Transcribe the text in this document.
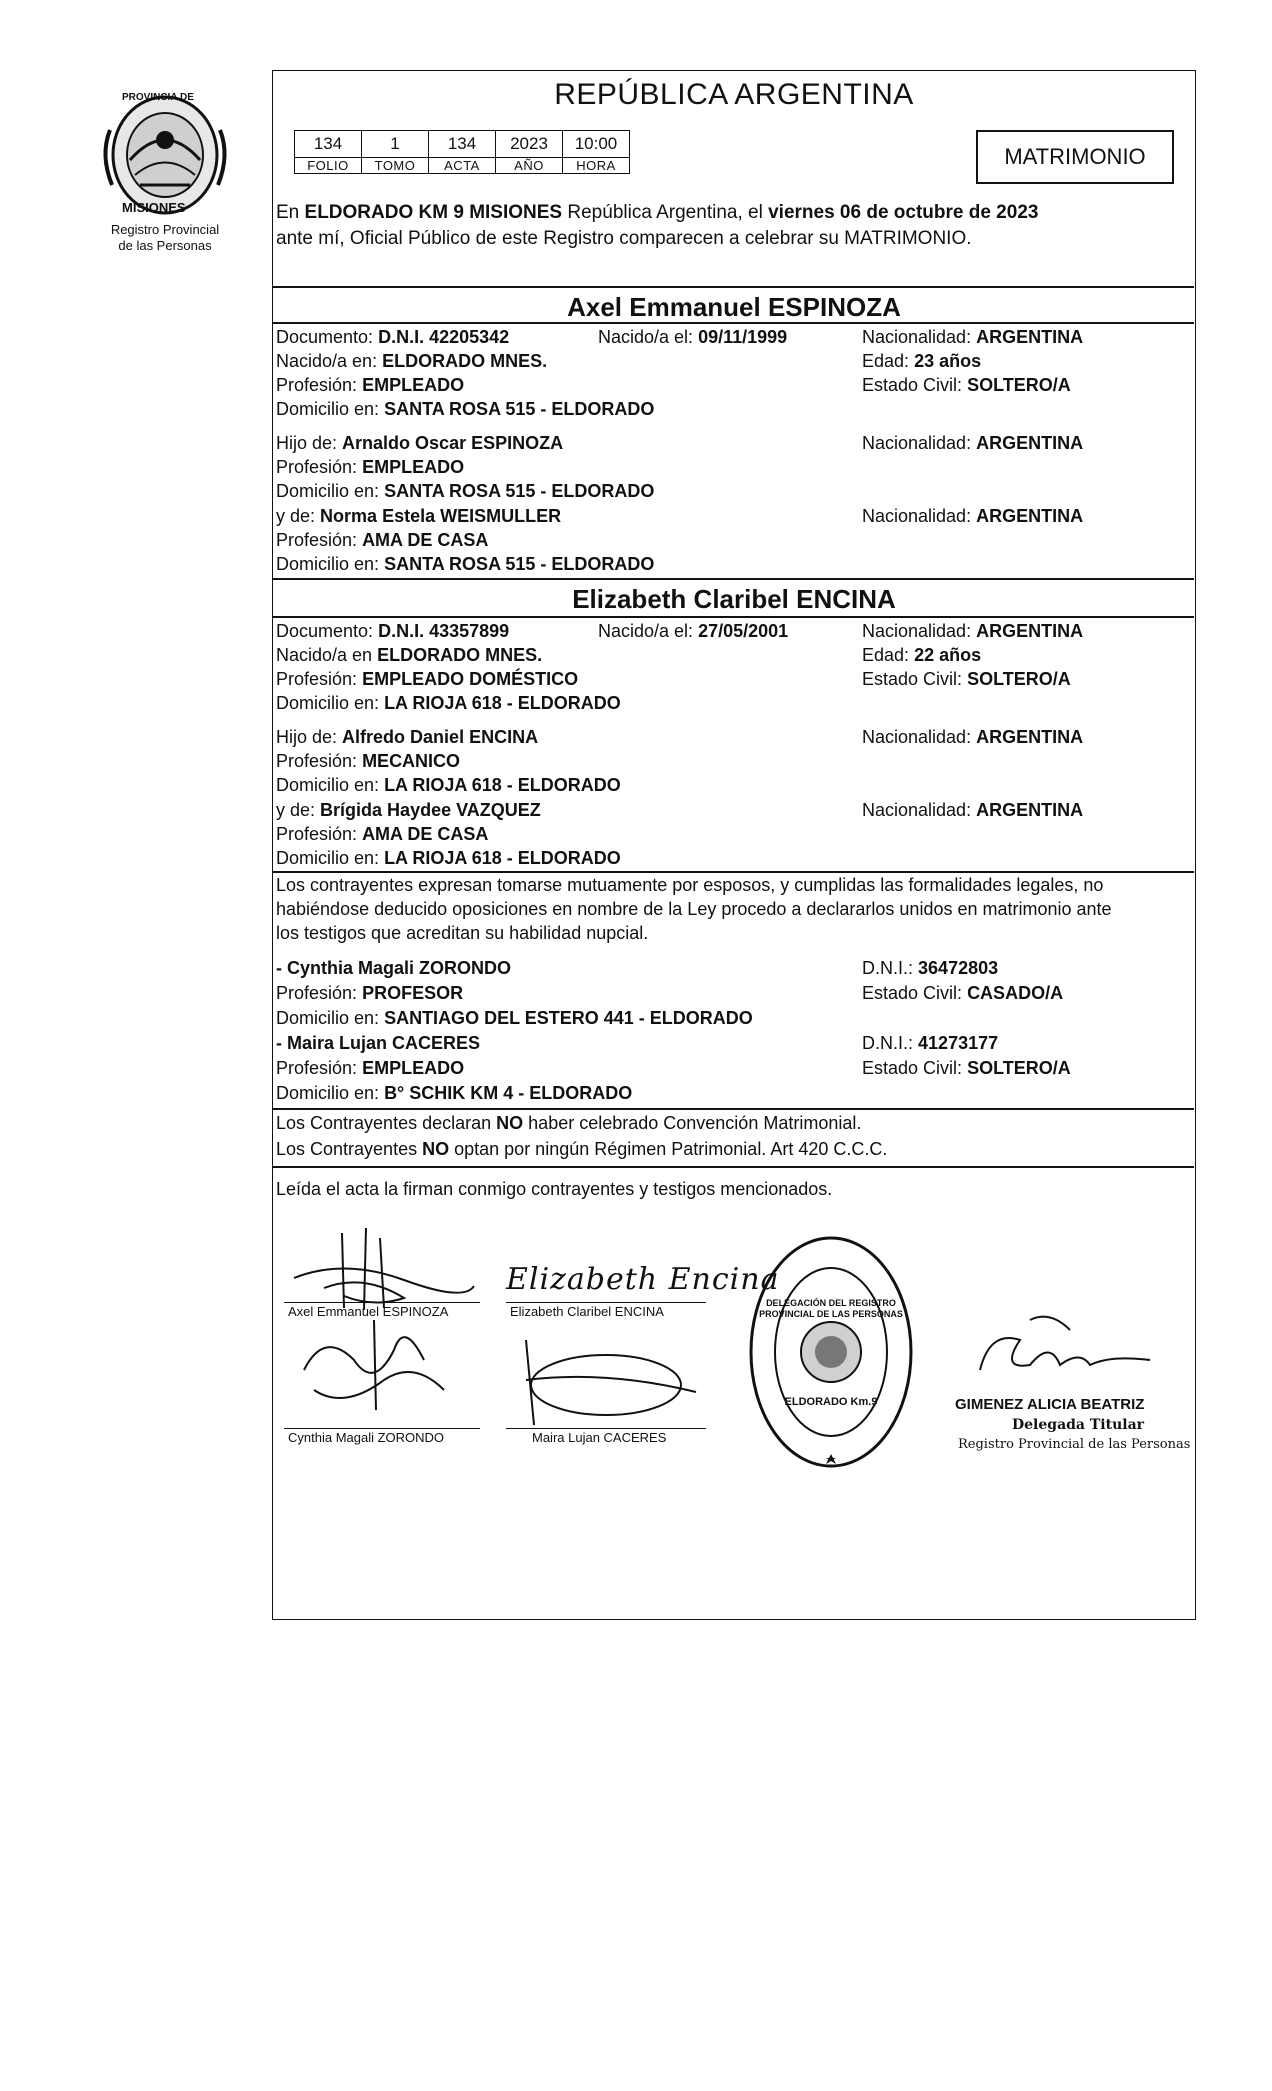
PROVINCIA DE
MISIONES
Registro Provincial
de las Personas
REPÚBLICA ARGENTINA
134	1	134	2023	10:00
FOLIO	TOMO	ACTA	AÑO	HORA	MATRIMONIO
En ELDORADO KM 9 MISIONES República Argentina, el viernes 06 de octubre de 2023
ante mí, Oficial Público de este Registro comparecen a celebrar su MATRIMONIO.
Axel Emmanuel ESPINOZA
Documento: D.N.I. 42205342	Nacido/a el: 09/11/1999	Nacionalidad: ARGENTINA
Nacido/a en: ELDORADO MNES.	Edad: 23 años
Profesión: EMPLEADO	Estado Civil: SOLTERO/A
Domicilio en: SANTA ROSA 515 - ELDORADO
Hijo de: Arnaldo Oscar ESPINOZA	Nacionalidad: ARGENTINA
Profesión: EMPLEADO
Domicilio en: SANTA ROSA 515 - ELDORADO
y de: Norma Estela WEISMULLER	Nacionalidad: ARGENTINA
Profesión: AMA DE CASA
Domicilio en: SANTA ROSA 515 - ELDORADO
Elizabeth Claribel ENCINA
Documento: D.N.I. 43357899	Nacido/a el: 27/05/2001	Nacionalidad: ARGENTINA
Nacido/a en ELDORADO MNES.	Edad: 22 años
Profesión: EMPLEADO DOMÉSTICO	Estado Civil: SOLTERO/A
Domicilio en: LA RIOJA 618 - ELDORADO
Hijo de: Alfredo Daniel ENCINA	Nacionalidad: ARGENTINA
Profesión: MECANICO
Domicilio en: LA RIOJA 618 - ELDORADO
y de: Brígida Haydee VAZQUEZ	Nacionalidad: ARGENTINA
Profesión: AMA DE CASA
Domicilio en: LA RIOJA 618 - ELDORADO
Los contrayentes expresan tomarse mutuamente por esposos, y cumplidas las formalidades legales, no
habiéndose deducido oposiciones en nombre de la Ley procedo a declararlos unidos en matrimonio ante
los testigos que acreditan su habilidad nupcial.
- Cynthia Magali ZORONDO	D.N.I.: 36472803
Profesión: PROFESOR	Estado Civil: CASADO/A
Domicilio en: SANTIAGO DEL ESTERO 441 - ELDORADO
- Maira Lujan CACERES	D.N.I.: 41273177
Profesión: EMPLEADO	Estado Civil: SOLTERO/A
Domicilio en: B° SCHIK KM 4 - ELDORADO
Los Contrayentes declaran NO haber celebrado Convención Matrimonial.
Los Contrayentes NO optan por ningún Régimen Patrimonial. Art 420 C.C.C.
Leída el acta la firman conmigo contrayentes y testigos mencionados.
Axel Emmanuel ESPINOZA
Elizabeth Encina
Elizabeth Claribel ENCINA
Cynthia Magali ZORONDO	Maira Lujan CACERES
DELEGACIÓN DEL REGISTRO PROVINCIAL DE LAS PERSONAS
ELDORADO Km.9	GIMENEZ ALICIA BEATRIZ
Delegada Titular
Registro Provincial de las Personas
